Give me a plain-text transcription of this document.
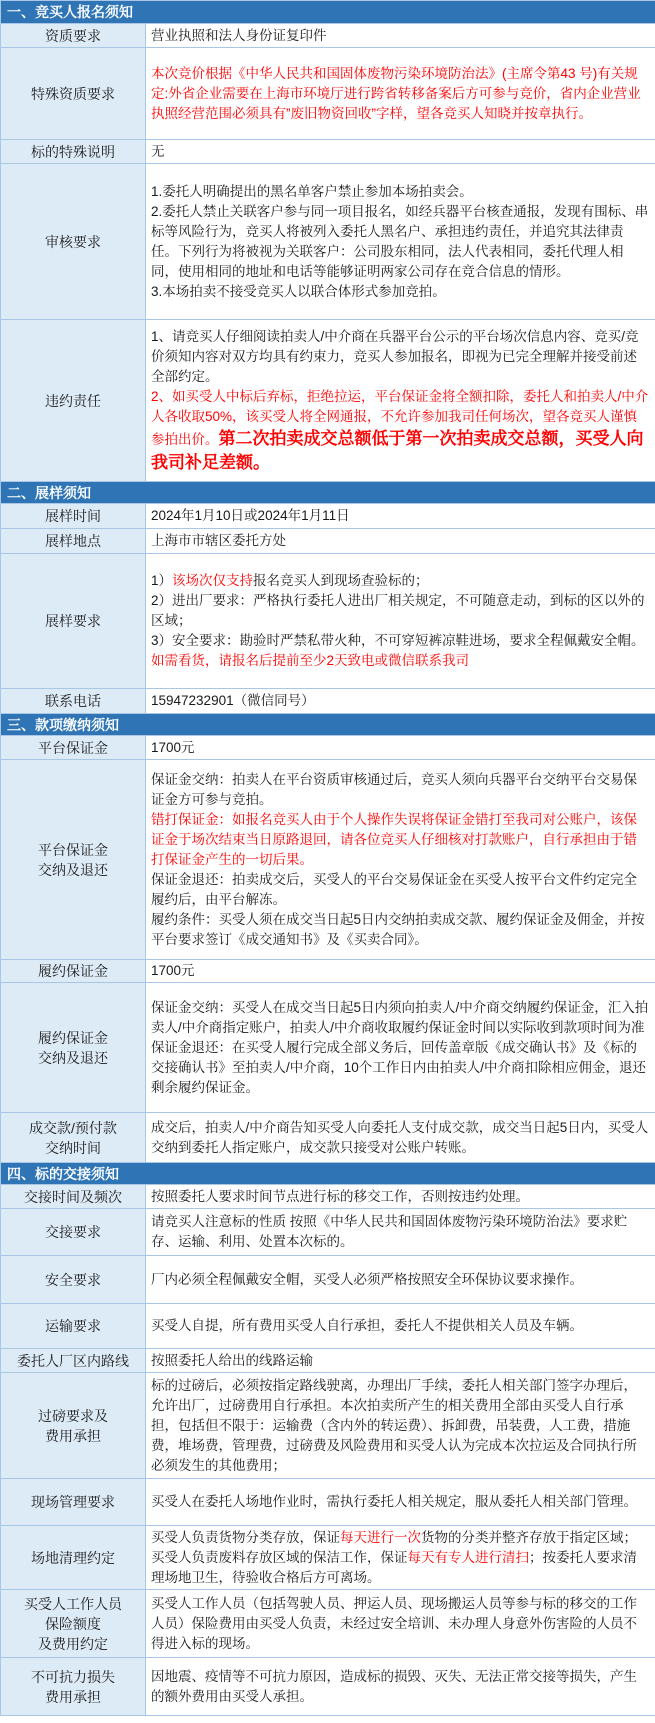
一、竞买人报名须知	
资质要求	营业执照和法人身份证复印件

特殊资质要求	本次竞价根据《中华人民共和国固体废物污染环境防治法》(主席令第43 号)有关规定:外省企业需要在上海市环境厅进行跨省转移备案后方可参与竞价，省内企业营业执照经营范围必须具有”废旧物资回收”字样，望各竞买人知晓并按章执行。

标的特殊说明	无

审核要求	1.委托人明确提出的黑名单客户禁止参加本场拍卖会。
2.委托人禁止关联客户参与同一项目报名，如经兵器平台核查通报，发现有围标、串标等风险行为，竞买人将被列入委托人黑名户、承担违约责任，并追究其法律责任。下列行为将被视为关联客户：公司股东相同，法人代表相同，委托代理人相同，使用相同的地址和电话等能够证明两家公司存在竞合信息的情形。
3.本场拍卖不接受竞买人以联合体形式参加竞拍。

违约责任	1、请竞买人仔细阅读拍卖人/中介商在兵器平台公示的平台场次信息内容、竞买/竞价须知内容对双方均具有约束力，竞买人参加报名，即视为已完全理解并接受前述全部约定。
2、如买受人中标后弃标，拒绝拉运，平台保证金将全额扣除，委托人和拍卖人/中介人各收取50%，该买受人将全网通报，不允许参加我司任何场次，望各竞买人谨慎参拍出价。第二次拍卖成交总额低于第一次拍卖成交总额，买受人向我司补足差额。

二、展样须知	
展样时间	2024年1月10日或2024年1月11日

展样地点	上海市市辖区委托方处

展样要求	1）该场次仅支持报名竞买人到现场查验标的；
2）进出厂要求：严格执行委托人进出厂相关规定，不可随意走动，到标的区以外的区域；
3）安全要求：勘验时严禁私带火种，不可穿短裤凉鞋进场，要求全程佩戴安全帽。
如需看货，请报名后提前至少2天致电或微信联系我司

联系电话	15947232901（微信同号）

三、款项缴纳须知	
平台保证金	1700元

平台保证金
交纳及退还	保证金交纳：拍卖人在平台资质审核通过后，竞买人须向兵器平台交纳平台交易保证金方可参与竞拍。
错打保证金：如报名竞买人由于个人操作失误将保证金错打至我司对公账户，该保证金于场次结束当日原路退回，请各位竞买人仔细核对打款账户，自行承担由于错打保证金产生的一切后果。
保证金退还：拍卖成交后，买受人的平台交易保证金在买受人按平台文件约定完全履约后，由平台解冻。
履约条件：买受人须在成交当日起5日内交纳拍卖成交款、履约保证金及佣金，并按平台要求签订《成交通知书》及《买卖合同》。

履约保证金	1700元

履约保证金
交纳及退还	保证金交纳：买受人在成交当日起5日内须向拍卖人/中介商交纳履约保证金，汇入拍卖人/中介商指定账户，拍卖人/中介商收取履约保证金时间以实际收到款项时间为准
保证金退还：在买受人履行完成全部义务后，回传盖章版《成交确认书》及《标的交接确认书》至拍卖人/中介商，10个工作日内由拍卖人/中介商扣除相应佣金，退还剩余履约保证金。

成交款/预付款
交纳时间	成交后，拍卖人/中介商告知买受人向委托人支付成交款，成交当日起5日内，买受人交纳到委托人指定账户，成交款只接受对公账户转账。

四、标的交接须知	
交接时间及频次	按照委托人要求时间节点进行标的移交工作，否则按违约处理。

交接要求	请竞买人注意标的性质 按照《中华人民共和国固体废物污染环境防治法》要求贮存、运输、利用、处置本次标的。

安全要求	厂内必须全程佩戴安全帽，买受人必须严格按照安全环保协议要求操作。

运输要求	买受人自提，所有费用买受人自行承担，委托人不提供相关人员及车辆。

委托人厂区内路线	按照委托人给出的线路运输

过磅要求及
费用承担	标的过磅后，必须按指定路线驶离，办理出厂手续，委托人相关部门签字办理后，允许出厂，过磅费用自行承担。本次拍卖所产生的相关费用全部由买受人自行承担，包括但不限于：运输费（含内外的转运费）、拆卸费，吊装费，人工费，措施费，堆场费，管理费，过磅费及风险费用和买受人认为完成本次拉运及合同执行所必须发生的其他费用；

现场管理要求	买受人在委托人场地作业时，需执行委托人相关规定，服从委托人相关部门管理。

场地清理约定	买受人负责货物分类存放，保证每天进行一次货物的分类并整齐存放于指定区域；买受人负责废料存放区域的保洁工作，保证每天有专人进行清扫；按委托人要求清理场地卫生，待验收合格后方可离场。

买受人工作人员
保险额度
及费用约定	买受人工作人员（包括驾驶人员、押运人员、现场搬运人员等参与标的移交的工作人员）保险费用由买受人负责，未经过安全培训、未办理人身意外伤害险的人员不得进入标的现场。

不可抗力损失
费用承担	因地震、疫情等不可抗力原因，造成标的损毁、灭失、无法正常交接等损失，产生的额外费用由买受人承担。
